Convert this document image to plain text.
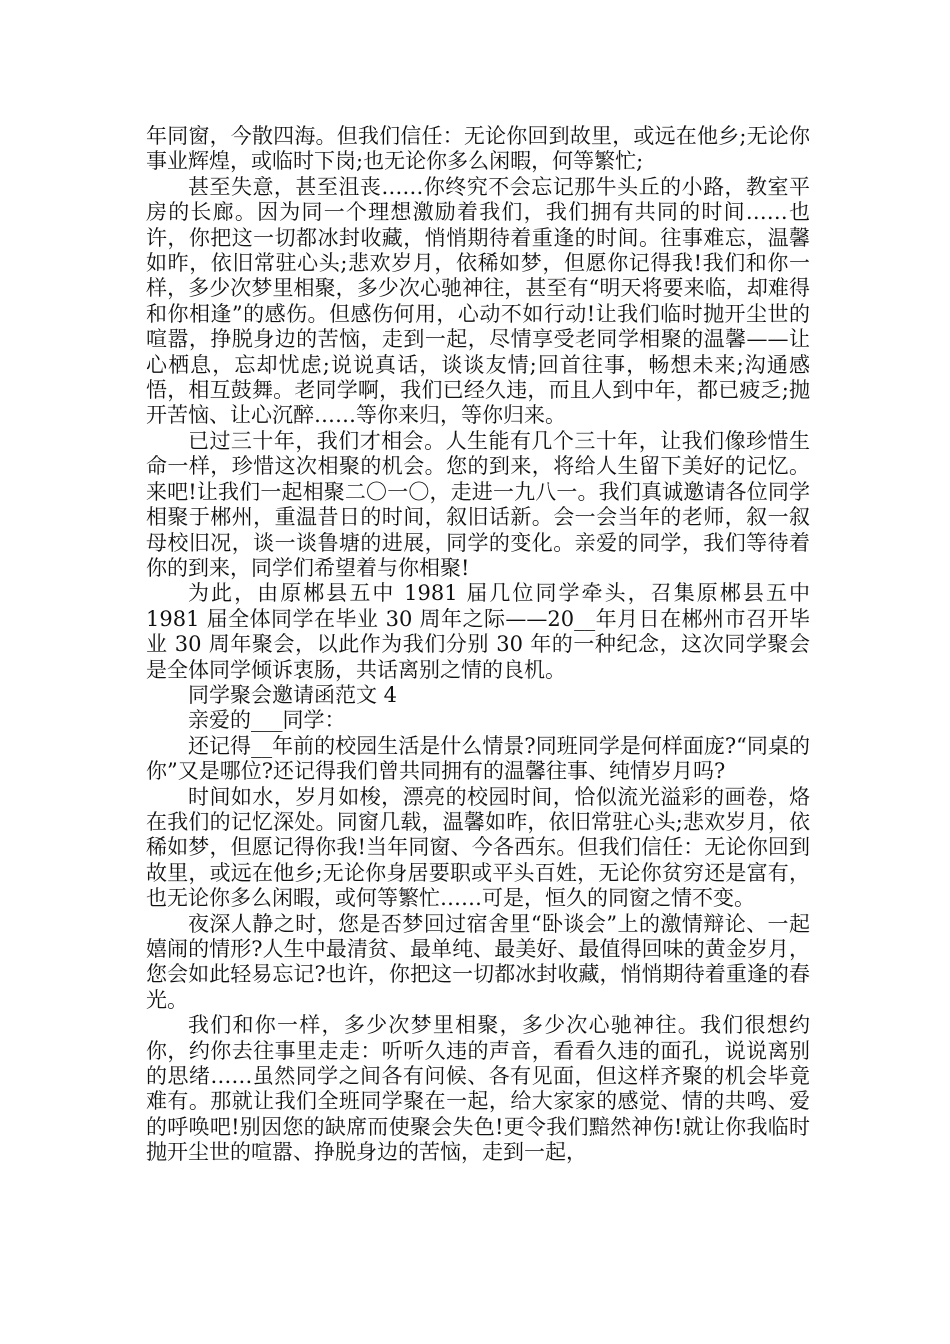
年同窗，今散四海。但我们信任：无论你回到故里，或远在他乡;无论你事业辉煌，或临时下岗;也无论你多么闲暇，何等繁忙;

甚至失意，甚至沮丧……你终究不会忘记那牛头丘的小路，教室平房的长廊。因为同一个理想激励着我们，我们拥有共同的时间……也许，你把这一切都冰封收藏，悄悄期待着重逢的时间。往事难忘，温馨如昨，依旧常驻心头;悲欢岁月，依稀如梦，但愿你记得我!我们和你一样，多少次梦里相聚，多少次心驰神往，甚至有“明天将要来临，却难得和你相逢”的感伤。但感伤何用，心动不如行动!让我们临时抛开尘世的喧嚣，挣脱身边的苦恼，走到一起，尽情享受老同学相聚的温馨——让心栖息，忘却忧虑;说说真话，谈谈友情;回首往事，畅想未来;沟通感悟，相互鼓舞。老同学啊，我们已经久违，而且人到中年，都已疲乏;抛开苦恼、让心沉醉……等你来归，等你归来。

已过三十年，我们才相会。人生能有几个三十年，让我们像珍惜生命一样，珍惜这次相聚的机会。您的到来，将给人生留下美好的记忆。来吧!让我们一起相聚二〇一〇，走进一九八一。我们真诚邀请各位同学相聚于郴州，重温昔日的时间，叙旧话新。会一会当年的老师，叙一叙母校旧况，谈一谈鲁塘的进展，同学的变化。亲爱的同学，我们等待着你的到来，同学们希望着与你相聚!

为此，由原郴县五中 1981 届几位同学牵头，召集原郴县五中 1981 届全体同学在毕业 30 周年之际——20__年月日在郴州市召开毕业 30 周年聚会，以此作为我们分别 30 年的一种纪念，这次同学聚会是全体同学倾诉衷肠，共话离别之情的良机。

同学聚会邀请函范文 4

亲爱的___同学：

还记得__年前的校园生活是什么情景?同班同学是何样面庞?“同桌的你”又是哪位?还记得我们曾共同拥有的温馨往事、纯情岁月吗?

时间如水，岁月如梭，漂亮的校园时间，恰似流光溢彩的画卷，烙在我们的记忆深处。同窗几载，温馨如昨，依旧常驻心头;悲欢岁月，依稀如梦，但愿记得你我!当年同窗、今各西东。但我们信任：无论你回到故里，或远在他乡;无论你身居要职或平头百姓，无论你贫穷还是富有，也无论你多么闲暇，或何等繁忙……可是，恒久的同窗之情不变。

夜深人静之时，您是否梦回过宿舍里“卧谈会”上的激情辩论、一起嬉闹的情形?人生中最清贫、最单纯、最美好、最值得回味的黄金岁月，您会如此轻易忘记?也许，你把这一切都冰封收藏，悄悄期待着重逢的春光。

我们和你一样，多少次梦里相聚，多少次心驰神往。我们很想约你，约你去往事里走走：听听久违的声音，看看久违的面孔，说说离别的思绪……虽然同学之间各有问候、各有见面，但这样齐聚的机会毕竟难有。那就让我们全班同学聚在一起，给大家家的感觉、情的共鸣、爱的呼唤吧!别因您的缺席而使聚会失色!更令我们黯然神伤!就让你我临时抛开尘世的喧嚣、挣脱身边的苦恼，走到一起，
